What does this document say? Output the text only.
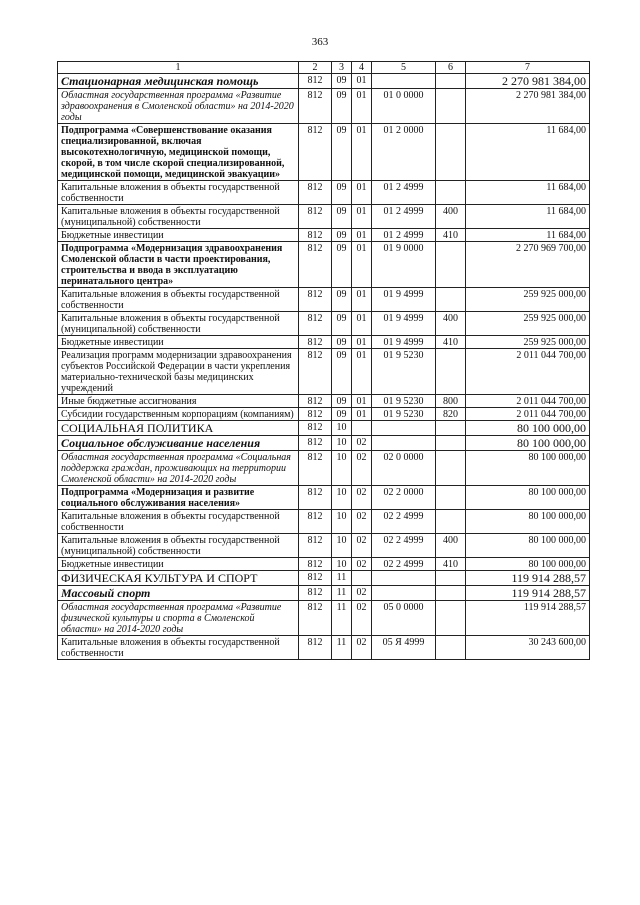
363
1	2	3	4	5	6	7
Стационарная медицинская помощь	812	09	01			2 270 981 384,00
Областная государственная программа «Развитие здравоохранения в Смоленской области» на 2014-2020 годы	812	09	01	01 0 0000		2 270 981 384,00
Подпрограмма «Совершенствование оказания специализированной, включая высокотехнологичную, медицинской помощи, скорой, в том числе скорой специализированной, медицинской помощи, медицинской эвакуации»	812	09	01	01 2 0000		11 684,00
Капитальные вложения в объекты государственной собственности	812	09	01	01 2 4999		11 684,00
Капитальные вложения в объекты государственной (муниципальной) собственности	812	09	01	01 2 4999	400	11 684,00
Бюджетные инвестиции	812	09	01	01 2 4999	410	11 684,00
Подпрограмма «Модернизация здравоохранения Смоленской области в части проектирования, строительства и ввода в эксплуатацию перинатального центра»	812	09	01	01 9 0000		2 270 969 700,00
Капитальные вложения в объекты государственной собственности	812	09	01	01 9 4999		259 925 000,00
Капитальные вложения в объекты государственной (муниципальной) собственности	812	09	01	01 9 4999	400	259 925 000,00
Бюджетные инвестиции	812	09	01	01 9 4999	410	259 925 000,00
Реализация программ модернизации здравоохранения субъектов Российской Федерации в части укрепления материально-технической базы медицинских учреждений	812	09	01	01 9 5230		2 011 044 700,00
Иные бюджетные ассигнования	812	09	01	01 9 5230	800	2 011 044 700,00
Субсидии государственным корпорациям (компаниям)	812	09	01	01 9 5230	820	2 011 044 700,00
СОЦИАЛЬНАЯ ПОЛИТИКА	812	10				80 100 000,00
Социальное обслуживание населения	812	10	02			80 100 000,00
Областная государственная программа «Социальная поддержка граждан, проживающих на территории Смоленской области» на 2014-2020 годы	812	10	02	02 0 0000		80 100 000,00
Подпрограмма «Модернизация и развитие социального обслуживания населения»	812	10	02	02 2 0000		80 100 000,00
Капитальные вложения в объекты государственной собственности	812	10	02	02 2 4999		80 100 000,00
Капитальные вложения в объекты государственной (муниципальной) собственности	812	10	02	02 2 4999	400	80 100 000,00
Бюджетные инвестиции	812	10	02	02 2 4999	410	80 100 000,00
ФИЗИЧЕСКАЯ КУЛЬТУРА И СПОРТ	812	11				119 914 288,57
Массовый спорт	812	11	02			119 914 288,57
Областная государственная программа «Развитие физической культуры и спорта в Смоленской области» на 2014-2020 годы	812	11	02	05 0 0000		119 914 288,57
Капитальные вложения в объекты государственной собственности	812	11	02	05 Я 4999		30 243 600,00
